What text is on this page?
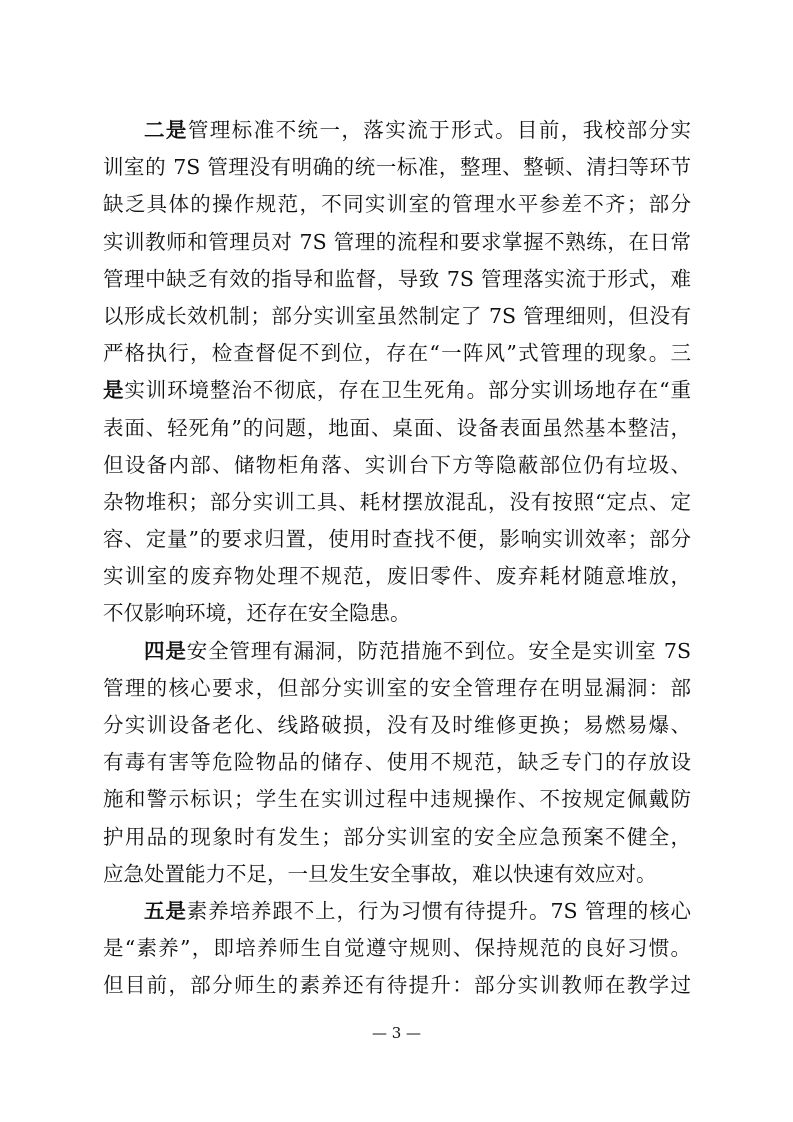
二是管理标准不统一，落实流于形式。目前，我校部分实
训室的 7S 管理没有明确的统一标准，整理、整顿、清扫等环节
缺乏具体的操作规范，不同实训室的管理水平参差不齐；部分
实训教师和管理员对 7S 管理的流程和要求掌握不熟练，在日常
管理中缺乏有效的指导和监督，导致 7S 管理落实流于形式，难
以形成长效机制；部分实训室虽然制定了 7S 管理细则，但没有
严格执行，检查督促不到位，存在“一阵风”式管理的现象。三
是实训环境整治不彻底，存在卫生死角。部分实训场地存在“重
表面、轻死角”的问题，地面、桌面、设备表面虽然基本整洁，
但设备内部、储物柜角落、实训台下方等隐蔽部位仍有垃圾、
杂物堆积；部分实训工具、耗材摆放混乱，没有按照“定点、定
容、定量”的要求归置，使用时查找不便，影响实训效率；部分
实训室的废弃物处理不规范，废旧零件、废弃耗材随意堆放，
不仅影响环境，还存在安全隐患。
四是安全管理有漏洞，防范措施不到位。安全是实训室 7S
管理的核心要求，但部分实训室的安全管理存在明显漏洞：部
分实训设备老化、线路破损，没有及时维修更换；易燃易爆、
有毒有害等危险物品的储存、使用不规范，缺乏专门的存放设
施和警示标识；学生在实训过程中违规操作、不按规定佩戴防
护用品的现象时有发生；部分实训室的安全应急预案不健全，
应急处置能力不足，一旦发生安全事故，难以快速有效应对。
五是素养培养跟不上，行为习惯有待提升。7S 管理的核心
是“素养”，即培养师生自觉遵守规则、保持规范的良好习惯。
但目前，部分师生的素养还有待提升：部分实训教师在教学过
— 3 —
